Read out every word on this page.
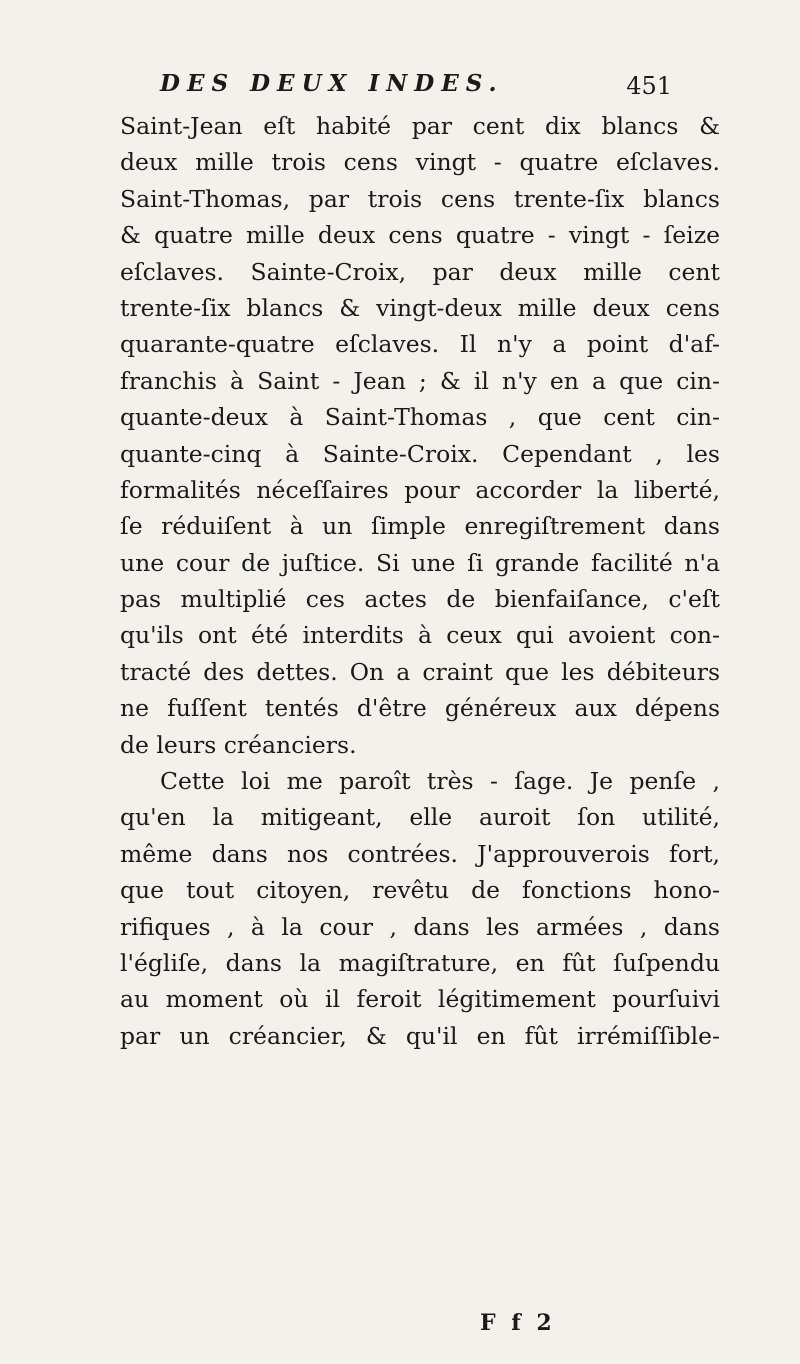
DES DEUX INDES.	451
Saint-Jean eſt habité par cent dix blancs &
deux mille trois cens vingt - quatre eſclaves.
Saint-Thomas, par trois cens trente-ſix blancs
& quatre mille deux cens quatre - vingt - ſeize
eſclaves. Sainte-Croix, par deux mille cent
trente-ſix blancs & vingt-deux mille deux cens
quarante-quatre eſclaves. Il n'y a point d'af-
franchis à Saint - Jean ; & il n'y en a que cin-
quante-deux à Saint-Thomas , que cent cin-
quante-cinq à Sainte-Croix. Cependant , les
formalités néceſſaires pour accorder la liberté,
ſe réduiſent à un ſimple enregiſtrement dans
une cour de juſtice. Si une ſi grande facilité n'a
pas multiplié ces actes de bienfaiſance, c'eſt
qu'ils ont été interdits à ceux qui avoient con-
tracté des dettes. On a craint que les débiteurs
ne fuſſent tentés d'être généreux aux dépens
de leurs créanciers.
Cette loi me paroît très - ſage. Je penſe ,
qu'en la mitigeant, elle auroit ſon utilité,
même dans nos contrées. J'approuverois fort,
que tout citoyen, revêtu de fonctions hono-
rifiques , à la cour , dans les armées , dans
l'égliſe, dans la magiſtrature, en fût ſuſpendu
au moment où il feroit légitimement pourſuivi
par un créancier, & qu'il en fût irrémiſſible-
F f 2
